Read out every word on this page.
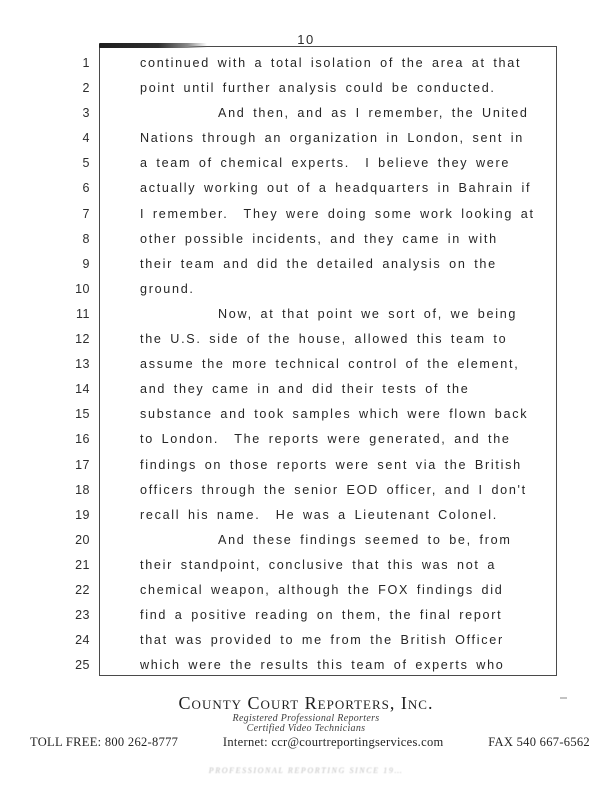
10
1	continued with a total isolation of the area at that
2	point until further analysis could be conducted.
3	And then, and as I remember, the United
4	Nations through an organization in London, sent in
5	a team of chemical experts.  I believe they were
6	actually working out of a headquarters in Bahrain if
7	I remember.  They were doing some work looking at
8	other possible incidents, and they came in with
9	their team and did the detailed analysis on the
10	ground.
11	Now, at that point we sort of, we being
12	the U.S. side of the house, allowed this team to
13	assume the more technical control of the element,
14	and they came in and did their tests of the
15	substance and took samples which were flown back
16	to London.  The reports were generated, and the
17	findings on those reports were sent via the British
18	officers through the senior EOD officer, and I don't
19	recall his name.  He was a Lieutenant Colonel.
20	And these findings seemed to be, from
21	their standpoint, conclusive that this was not a
22	chemical weapon, although the FOX findings did
23	find a positive reading on them, the final report
24	that was provided to me from the British Officer
25	which were the results this team of experts who
County Court Reporters, Inc.
Registered Professional Reporters
Certified Video Technicians
TOLL FREE: 800 262-8777	Internet: ccr@courtreportingservices.com	FAX 540 667-6562
PROFESSIONAL REPORTING SINCE 19…
